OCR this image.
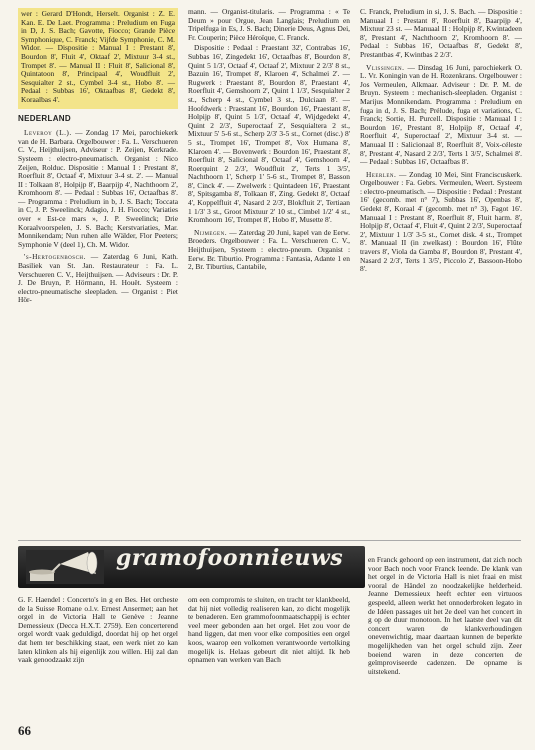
wer : Gerard D'Hondt, Herselt. Organist : Z. E. Kan. E. De Laet. Programma : Preludium en Fuga in D, J. S. Bach; Gavotte, Fiocco; Grande Pièce Symphonique, C. Franck; Vijfde Symphonie, C. M. Widor. — Dispositie : Manual I : Prestant 8', Bourdon 8', Fluit 4', Oktaaf 2', Mixtuur 3-4 st., Trompet 8'. — Manual II : Fluit 8', Salicional 8', Quintatoon 8', Principaal 4', Woudfluit 2', Sesquialter 2 st., Cymbel 3-4 st., Hobo 8'. — Pedaal : Subbas 16', Oktaafbas 8', Gedekt 8', Koraalbas 4'.

NEDERLAND

Leveroy (L.). — Zondag 17 Mei, parochiekerk van de H. Barbara. Orgelbouwer : Fa. L. Verschueren C. V., Heijthuijsen, Adviseur : P. Zeijen, Kerkrade. Systeem : electro-pneumatisch. Organist : Nico Zeijen, Rolduc. Dispositie : Manual I : Prestant 8', Roerfluit 8', Octaaf 4', Mixtuur 3-4 st. 2'. — Manual II : Tolkaan 8', Holpijp 8', Baarpijp 4', Nachthoorn 2', Kromhoorn 8'. — Pedaal : Subbas 16', Octaafbas 8'. — Programma : Preludium in b, J. S. Bach; Toccata in C, J. P. Sweelinck; Adagio, J. H. Fiocco; Variaties over « Est-ce mars », J. P. Sweelinck; Drie Koraalvoorspelen, J. S. Bach; Kerstvariaties, Mar. Monnikendam; Nun ruhen alle Wälder, Flor Peeters; Symphonie V (deel 1), Ch. M. Widor.

's-Hertogenbosch. — Zaterdag 6 Juni, Kath. Basiliek van St. Jan. Restaurateur : Fa. L. Verschueren C. V., Heijthuijsen. — Adviseurs : Dr. P. J. De Bruyn, P. Hörmann, H. Houët. Systeem : electro-pneumatische sleepladen. — Organist : Piet Hör-

mann. — Organist-titularis. — Programma : « Te Deum » pour Orgue, Jean Langlais; Preludium en Tripelfuga in Es, J. S. Bach; Dinerie Deus, Agnus Dei, Fr. Couperin; Pièce Héroïque, C. Franck.

Dispositie : Pedaal : Praestant 32', Contrabas 16', Subbas 16', Zingedekt 16', Octaafbas 8', Bourdon 8', Quint 5 1/3', Octaaf 4', Octaaf 2', Mixtuur 2 2/3' 8 st., Bazuin 16', Trompet 8', Klaroen 4', Schalmei 2'. — Rugwerk : Praestant 8', Bourdon 8', Praestant 4', Roerfluit 4', Gemshoorn 2', Quint 1 1/3', Sesquialter 2 st., Scherp 4 st., Cymbel 3 st., Dulciaan 8'. — Hoofdwerk : Praestant 16', Bourdon 16', Praestant 8', Holpijp 8', Quint 5 1/3', Octaaf 4', Wijdgedekt 4', Quint 2 2/3', Superoctaaf 2', Sesquialtera 2 st., Mixtuur 5' 5-6 st., Scherp 2/3' 3-5 st., Cornet (disc.) 8' 5 st., Trompet 16', Trompet 8', Vox Humana 8', Klaroen 4'. — Bovenwerk : Bourdon 16', Praestant 8', Roerfluit 8', Salicional 8', Octaaf 4', Gemshoorn 4', Roerquint 2 2/3', Woudfluit 2', Terts 1 3/5', Nachthoorn 1', Scherp 1' 5-6 st., Trompet 8', Basson 8', Cinck 4'. — Zwelwerk : Quintadeen 16', Praestant 8', Spitsgamba 8', Tolkaan 8', Zing. Gedekt 8', Octaaf 4', Koppelfluit 4', Nasard 2 2/3', Blokfluit 2', Tertiaan 1 1/3' 3 st., Groot Mixtuur 2' 10 st., Cimbel 1/2' 4 st., Kromhoorn 16', Trompet 8', Hobo 8', Musette 8'.

Nijmegen. — Zaterdag 20 Juni, kapel van de Eerw. Broeders. Orgelbouwer : Fa. L. Verschueren C. V., Heijthuijsen, Systeem : electro-pneum. Organist : Eerw. Br. Tiburtio. Programma : Fantasia, Adante 1 en 2, Br. Tiburtius, Cantabile,

C. Franck, Preludium in si, J. S. Bach. — Dispositie : Manuaal I : Prestant 8', Roerfluit 8', Baarpijp 4', Mixtuur 23 st. — Manuaal II : Holpijp 8', Kwintadeen 8', Prestant 4', Nachthoorn 2', Kromhoorn 8'. — Pedaal : Subbas 16', Octaafbas 8', Gedekt 8', Prestantbas 4', Kwintbas 2 2/3'.

Vlissingen. — Dinsdag 16 Juni, parochiekerk O. L. Vr. Koningin van de H. Rozenkrans. Orgelbouwer : Jos Vermeulen, Alkmaar. Adviseur : Dr. P. M. de Bruyn. Systeem : mechanisch-sleepladen. Organist : Marijus Monnikendam. Programma : Preludium en fuga in d, J. S. Bach; Prélude, fuga et variations, C. Franck; Sortie, H. Purcell. Dispositie : Manuaal I : Bourdon 16', Prestant 8', Holpijp 8', Octaaf 4', Roerfluit 4', Superoctaaf 2', Mixtuur 3-4 st. — Manuaal II : Salicionaal 8', Roerfluit 8', Voix-céleste 8', Prestant 4', Nasard 2 2/3', Terts 1 3/5', Schalmei 8'. — Pedaal : Subbas 16', Octaafbas 8'.

Heerlen. — Zondag 10 Mei, Sint Franciscuskerk. Orgelbouwer : Fa. Gebrs. Vermeulen, Weert. Systeem : electro-pneumatisch. — Dispositie : Pedaal : Prestant 16' (gecomb. met n° 7), Subbas 16', Openbas 8', Gedekt 8', Koraal 4' (gecomb. met n° 3), Fagot 16'. Manuaal I : Prestant 8', Roerfluit 8', Fluit harm. 8', Holpijp 8', Octaaf 4', Fluit 4', Quint 2 2/3', Superoctaaf 2', Mixtuur 1 1/3' 3-5 st., Cornet disk. 4 st., Trompet 8'. Manuaal II (in zwelkast) : Bourdon 16', Flûte travers 8', Viola da Gamba 8', Bourdon 8', Prestant 4', Nasard 2 2/3', Terts 1 3/5', Piccolo 2', Bassoon-Hobo 8'.

gramofoonnieuws

G. F. Haendel : Concerto's in g en Bes. Het orcheste de la Suisse Romane o.l.v. Ernest Ansermet; aan het orgel in de Victoria Hall te Genève : Jeanne Demessieux (Decca H.X.T. 2759). Een concerterend orgel wordt vaak geduldigd, doordat hij op het orgel dat hem ter beschikking staat, een werk niet zo kan laten klinken als hij eigenlijk zou willen. Hij zal dan vaak genoodzaakt zijn

om een compromis te sluiten, en tracht ter klankbeeld, dat hij niet volledig realiseren kan, zo dicht mogelijk te benaderen. Een grammofoonmaatschappij is echter veel meer gebonden aan het orgel. Het zou voor de hand liggen, dat men voor elke composities een orgel koos, waarop een volkomen verantwoorde vertolking mogelijk is. Helaas gebeurt dit niet altijd. Ik heb opnamen van werken van Bach

en Franck gehoord op een instrument, dat zich noch voor Bach noch voor Franck leende. De klank van het orgel in de Victoria Hall is niet fraai en mist vooral de Händel zo noodzakelijke helderheid. Jeanne Demessieux heeft echter een virtuoos gespeeld, alleen werkt het onnoderbroken legato in de Idéen passages uit het 2e deel van het concert in g op de duur monotoon. In het laatste deel van dit concert waren de klankverhoudingen onevenwichtig, maar daartaan kunnen de beperkte mogelijkheden van het orgel schuld zijn. Zeer boeiend waren in deze concerten de geïmproviseerde cadenzen. De opname is uitstekend.

66
